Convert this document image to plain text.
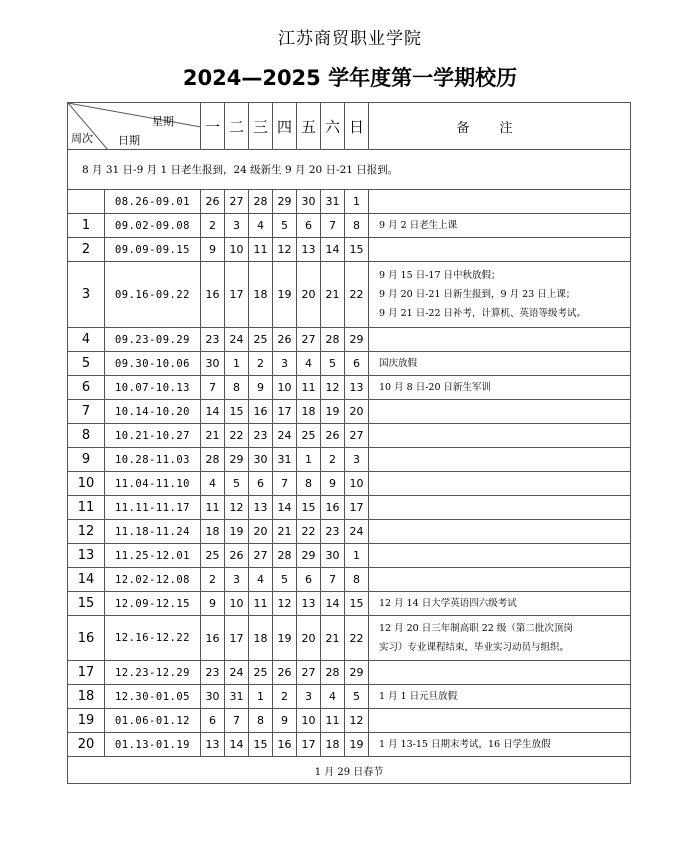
江苏商贸职业学院
2024—2025 学年度第一学期校历
星期
周次 日期		一	二	三	四	五	六	日	备注
8 月 31 日-9 月 1 日老生报到，24 级新生 9 月 20 日-21 日报到。									
	08.26-09.01	26	27	28	29	30	31	1	
1	09.02-09.08	2	3	4	5	6	7	8	9 月 2 日老生上课

2	09.09-09.15	9	10	11	12	13	14	15	
3	09.16-09.22	16	17	18	19	20	21	22	9 月 15 日-17 日中秋放假；
9 月 20 日-21 日新生报到，9 月 23 日上课；
9 月 21 日-22 日补考，计算机、英语等级考试。

4	09.23-09.29	23	24	25	26	27	28	29	
5	09.30-10.06	30	1	2	3	4	5	6	国庆放假

6	10.07-10.13	7	8	9	10	11	12	13	10 月 8 日-20 日新生军训

7	10.14-10.20	14	15	16	17	18	19	20	
8	10.21-10.27	21	22	23	24	25	26	27	
9	10.28-11.03	28	29	30	31	1	2	3	
10	11.04-11.10	4	5	6	7	8	9	10	
11	11.11-11.17	11	12	13	14	15	16	17	
12	11.18-11.24	18	19	20	21	22	23	24	
13	11.25-12.01	25	26	27	28	29	30	1	
14	12.02-12.08	2	3	4	5	6	7	8	
15	12.09-12.15	9	10	11	12	13	14	15	12 月 14 日大学英语四六级考试

16	12.16-12.22	16	17	18	19	20	21	22	12 月 20 日三年制高职 22 级（第二批次顶岗
实习）专业课程结束，毕业实习动员与组织。

17	12.23-12.29	23	24	25	26	27	28	29	
18	12.30-01.05	30	31	1	2	3	4	5	1 月 1 日元旦放假

19	01.06-01.12	6	7	8	9	10	11	12	
20	01.13-01.19	13	14	15	16	17	18	19	1 月 13-15 日期末考试，16 日学生放假

1 月 29 日春节									
